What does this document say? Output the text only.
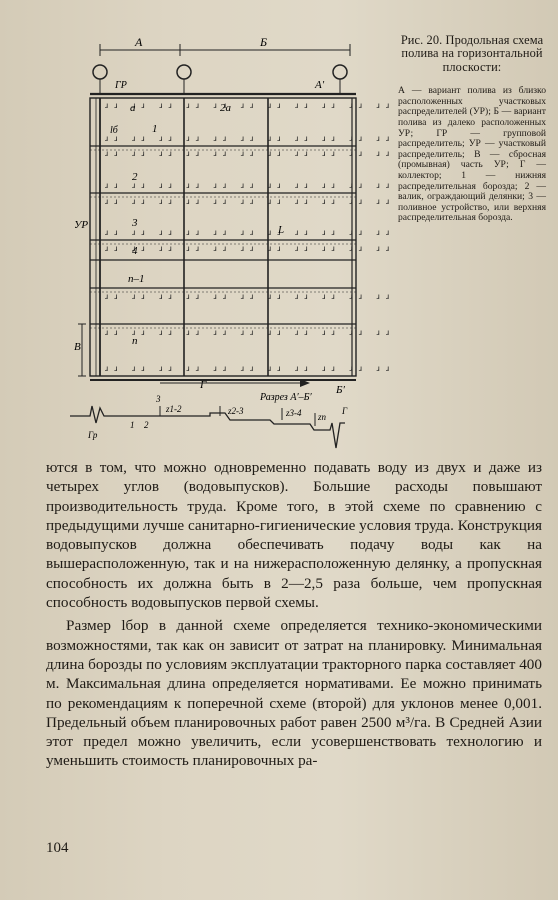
А	Б
ГР	А′
ɹɹ ɹɹ ɹɹ ɹɹ ɹɹ ɹɹ ɹɹ ɹɹ ɹɹ ɹɹ ɹ
ɹɹ ɹɹ ɹɹ ɹɹ ɹɹ ɹɹ ɹɹ ɹɹ ɹɹ ɹɹ ɹ
ɹɹ ɹɹ ɹɹ ɹɹ ɹɹ ɹɹ ɹɹ ɹɹ ɹɹ ɹɹ ɹ
ɹɹ ɹɹ ɹɹ ɹɹ ɹɹ ɹɹ ɹɹ ɹɹ ɹɹ ɹɹ ɹ
ɹɹ ɹɹ ɹɹ ɹɹ ɹɹ ɹɹ ɹɹ ɹɹ ɹɹ ɹɹ ɹ
ɹɹ ɹɹ ɹɹ ɹɹ ɹɹ ɹɹ ɹɹ ɹɹ ɹɹ ɹɹ ɹ
ɹɹ ɹɹ ɹɹ ɹɹ ɹɹ ɹɹ ɹɹ ɹɹ ɹɹ ɹɹ ɹ
ɹɹ ɹɹ ɹɹ ɹɹ ɹɹ ɹɹ ɹɹ ɹɹ ɹɹ ɹɹ ɹ
ɹɹ ɹɹ ɹɹ ɹɹ ɹɹ ɹɹ ɹɹ ɹɹ ɹɹ ɹɹ ɹ
ɹɹ ɹɹ ɹɹ ɹɹ ɹɹ ɹɹ ɹɹ ɹɹ ɹɹ ɹɹ ɹ
а	2а
lб	1
2
3
4
п–1
п
УР	L
В
Г	Б′
Разрез А′–Б′
Гр
1 2
3
z1-2	z2-3	z3-4 zn
Г
Рис. 20. Продольная схема полива на горизонтальной плоскости:
А — вариант полива из близко расположенных участковых распределителей (УР); Б — вариант полива из далеко расположенных УР; ГР — групповой распределитель; УР — участковый распределитель; В — сбросная (промывная) часть УР; Г — коллектор; 1 — нижняя распределительная борозда; 2 — валик, ограждающий делянки; 3 — поливное устройство, или верхняя распределительная борозда.

ются в том, что можно одновременно подавать воду из двух и даже из четырех углов (водовыпусков). Большие расходы повышают производительность труда. Кроме того, в этой схеме по сравнению с предыдущими лучше санитарно-гигиенические условия труда. Конструкция водовыпусков должна обеспечивать подачу воды как на вышерасположенную, так и на нижерасположенную делянку, а пропускная способность их должна быть в 2—2,5 раза больше, чем пропускная способность водовыпусков первой схемы.

Размер lбор в данной схеме определяется технико-экономическими возможностями, так как он зависит от затрат на планировку. Минимальная длина борозды по условиям эксплуатации тракторного парка составляет 400 м. Максимальная длина определяется нормативами. Ее можно принимать по рекомендациям к поперечной схеме (второй) для уклонов менее 0,001. Предельный объем планировочных работ равен 2500 м³/га. В Средней Азии этот предел можно увеличить, если усовершенствовать технологию и уменьшить стоимость планировочных ра-

104
